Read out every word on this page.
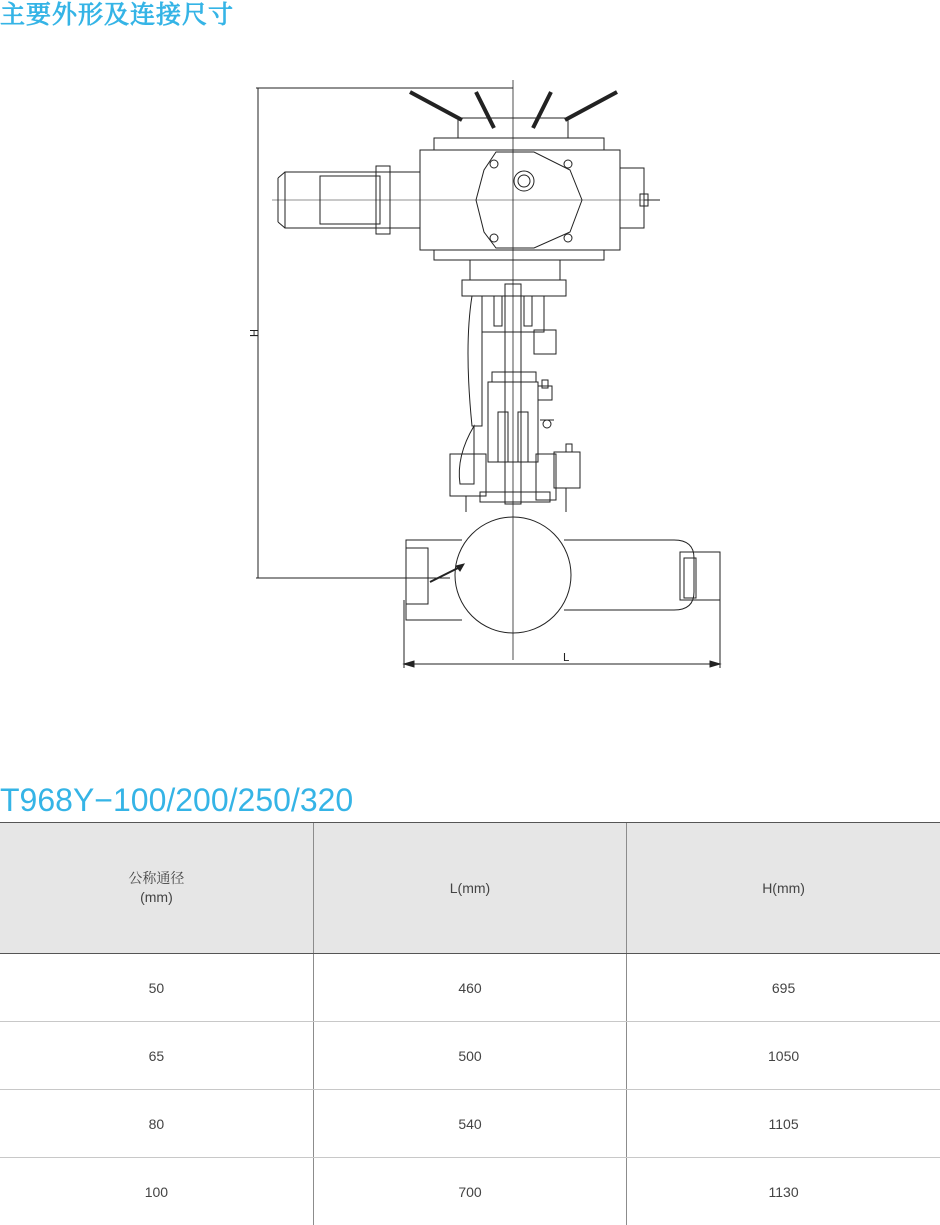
主要外形及连接尺寸
H
L
T968Y−100/200/250/320
公称通径
(mm)	L(mm)	H(mm)

50	460	695
65	500	1050
80	540	1105
100	700	1130
